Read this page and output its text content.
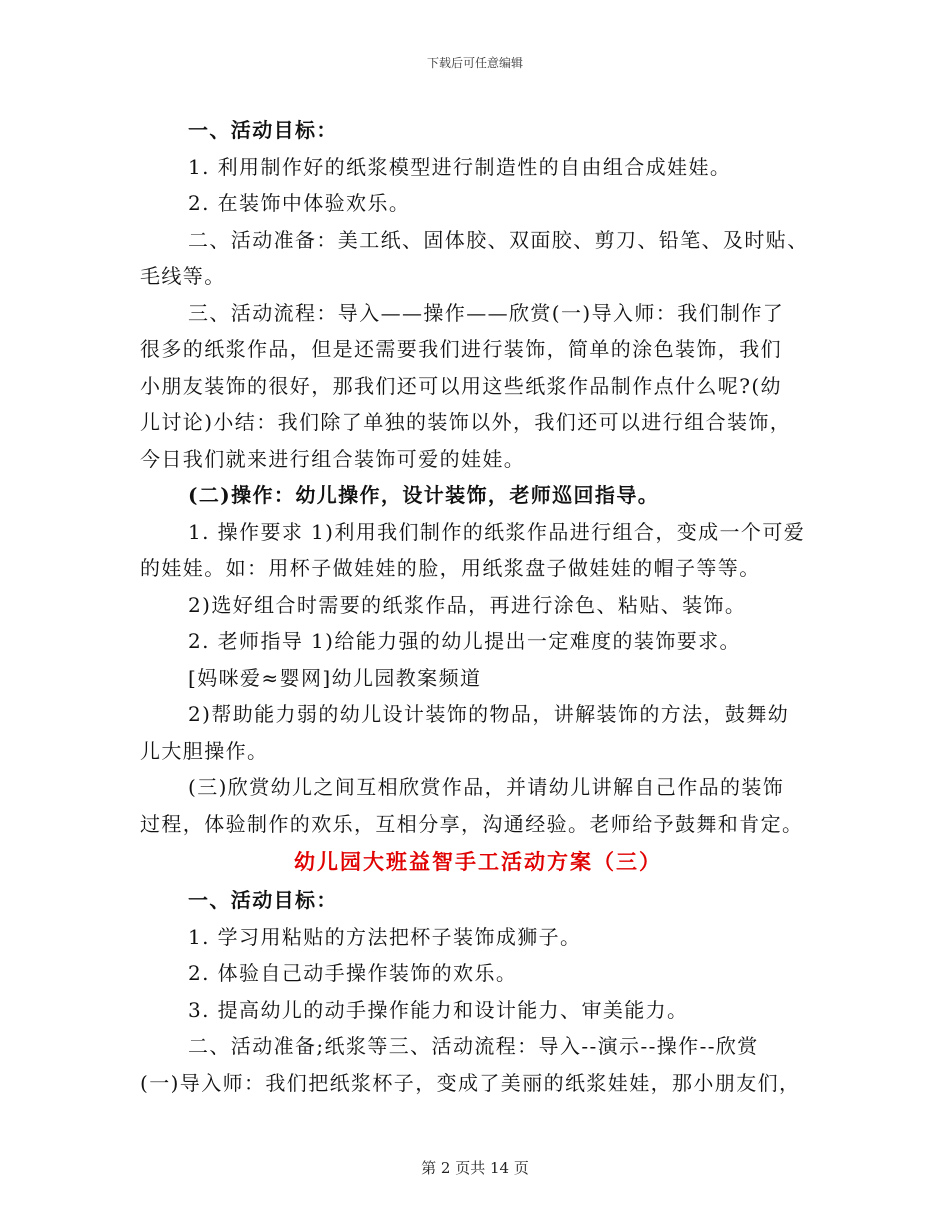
下载后可任意编辑
一、活动目标：
1. 利用制作好的纸浆模型进行制造性的自由组合成娃娃。
2. 在装饰中体验欢乐。
二、活动准备：美工纸、固体胶、双面胶、剪刀、铅笔、及时贴、
毛线等。
三、活动流程：导入——操作——欣赏(一)导入师：我们制作了
很多的纸浆作品，但是还需要我们进行装饰，简单的涂色装饰，我们
小朋友装饰的很好，那我们还可以用这些纸浆作品制作点什么呢?(幼
儿讨论)小结：我们除了单独的装饰以外，我们还可以进行组合装饰，
今日我们就来进行组合装饰可爱的娃娃。
(二)操作：幼儿操作，设计装饰，老师巡回指导。
1. 操作要求 1)利用我们制作的纸浆作品进行组合，变成一个可爱
的娃娃。如：用杯子做娃娃的脸，用纸浆盘子做娃娃的帽子等等。
2)选好组合时需要的纸浆作品，再进行涂色、粘贴、装饰。
2. 老师指导 1)给能力强的幼儿提出一定难度的装饰要求。
[妈咪爱≈婴网]幼儿园教案频道
2)帮助能力弱的幼儿设计装饰的物品，讲解装饰的方法，鼓舞幼
儿大胆操作。
(三)欣赏幼儿之间互相欣赏作品，并请幼儿讲解自己作品的装饰
过程，体验制作的欢乐，互相分享，沟通经验。老师给予鼓舞和肯定。
幼儿园大班益智手工活动方案（三）
一、活动目标：
1. 学习用粘贴的方法把杯子装饰成狮子。
2. 体验自己动手操作装饰的欢乐。
3. 提高幼儿的动手操作能力和设计能力、审美能力。
二、活动准备;纸浆等三、活动流程：导入--演示--操作--欣赏
(一)导入师：我们把纸浆杯子，变成了美丽的纸浆娃娃，那小朋友们，
第 2 页共 14 页
